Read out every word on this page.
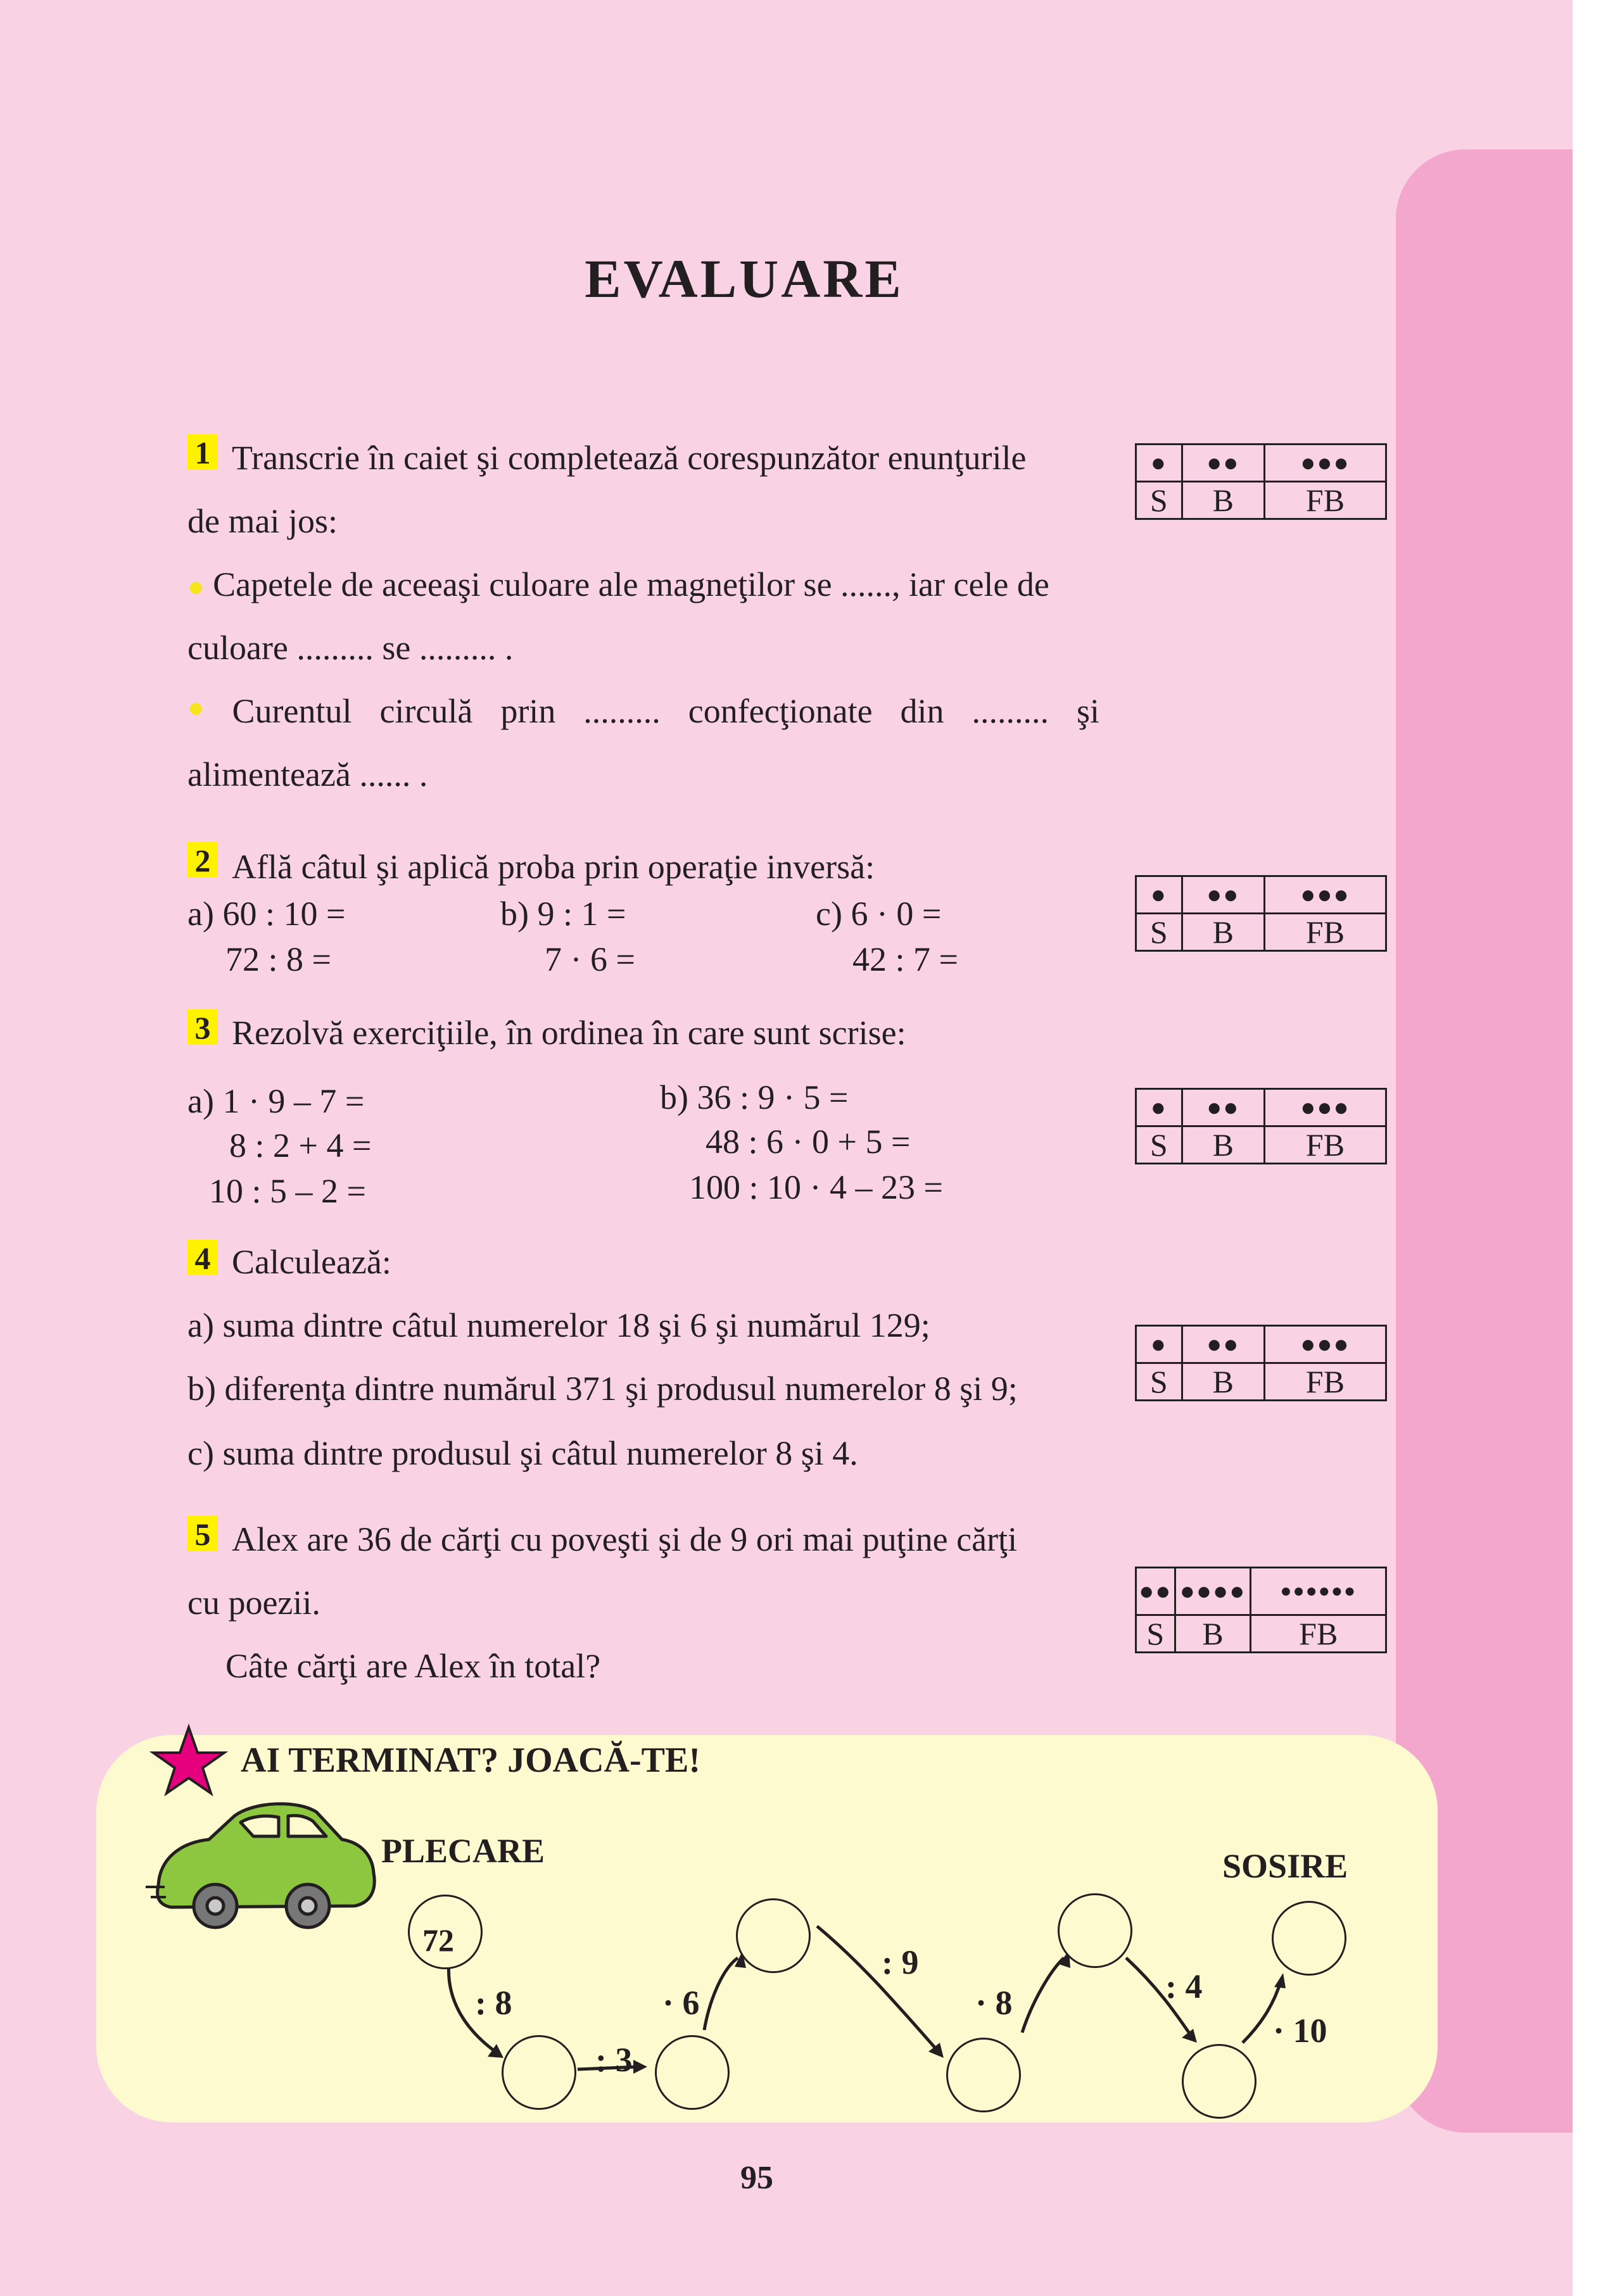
EVALUARE
1 Transcrie în caiet şi completează corespunzător enunţurile
de mai jos:
● Capetele de aceeaşi culoare ale magneţilor se ......, iar cele de
culoare ......... se ......... .
● Curentul circulă prin ......... confecţionate din ......... şi
alimentează ...... .
2 Află câtul şi aplică proba prin operaţie inversă:
a) 60 : 10 =
72 : 8 =
b) 9 : 1 =
7 · 6 =
c) 6 · 0 =
42 : 7 =
3 Rezolvă exerciţiile, în ordinea în care sunt scrise:
a) 1 · 9 – 7 =
8 : 2 + 4 =
10 : 5 – 2 =
b) 36 : 9 · 5 =
48 : 6 · 0 + 5 =
100 : 10 · 4 – 23 =
4 Calculează:
a) suma dintre câtul numerelor 18 şi 6 şi numărul 129;
b) diferenţa dintre numărul 371 şi produsul numerelor 8 şi 9;
c) suma dintre produsul şi câtul numerelor 8 şi 4.
5 Alex are 36 de cărţi cu poveşti şi de 9 ori mai puţine cărţi
cu poezii.
Câte cărţi are Alex în total?
●	●●	●●●
S	B	FB
●	●●	●●●
S	B	FB
●	●●	●●●
S	B	FB
●	●●	●●●
S	B	FB
●●	●●●●	●●●●●●
S	B	FB
AI TERMINAT? JOACĂ-TE!
PLECARE	SOSIRE
72
: 8
: 3
· 6
: 9
· 8	: 4
· 10
95
